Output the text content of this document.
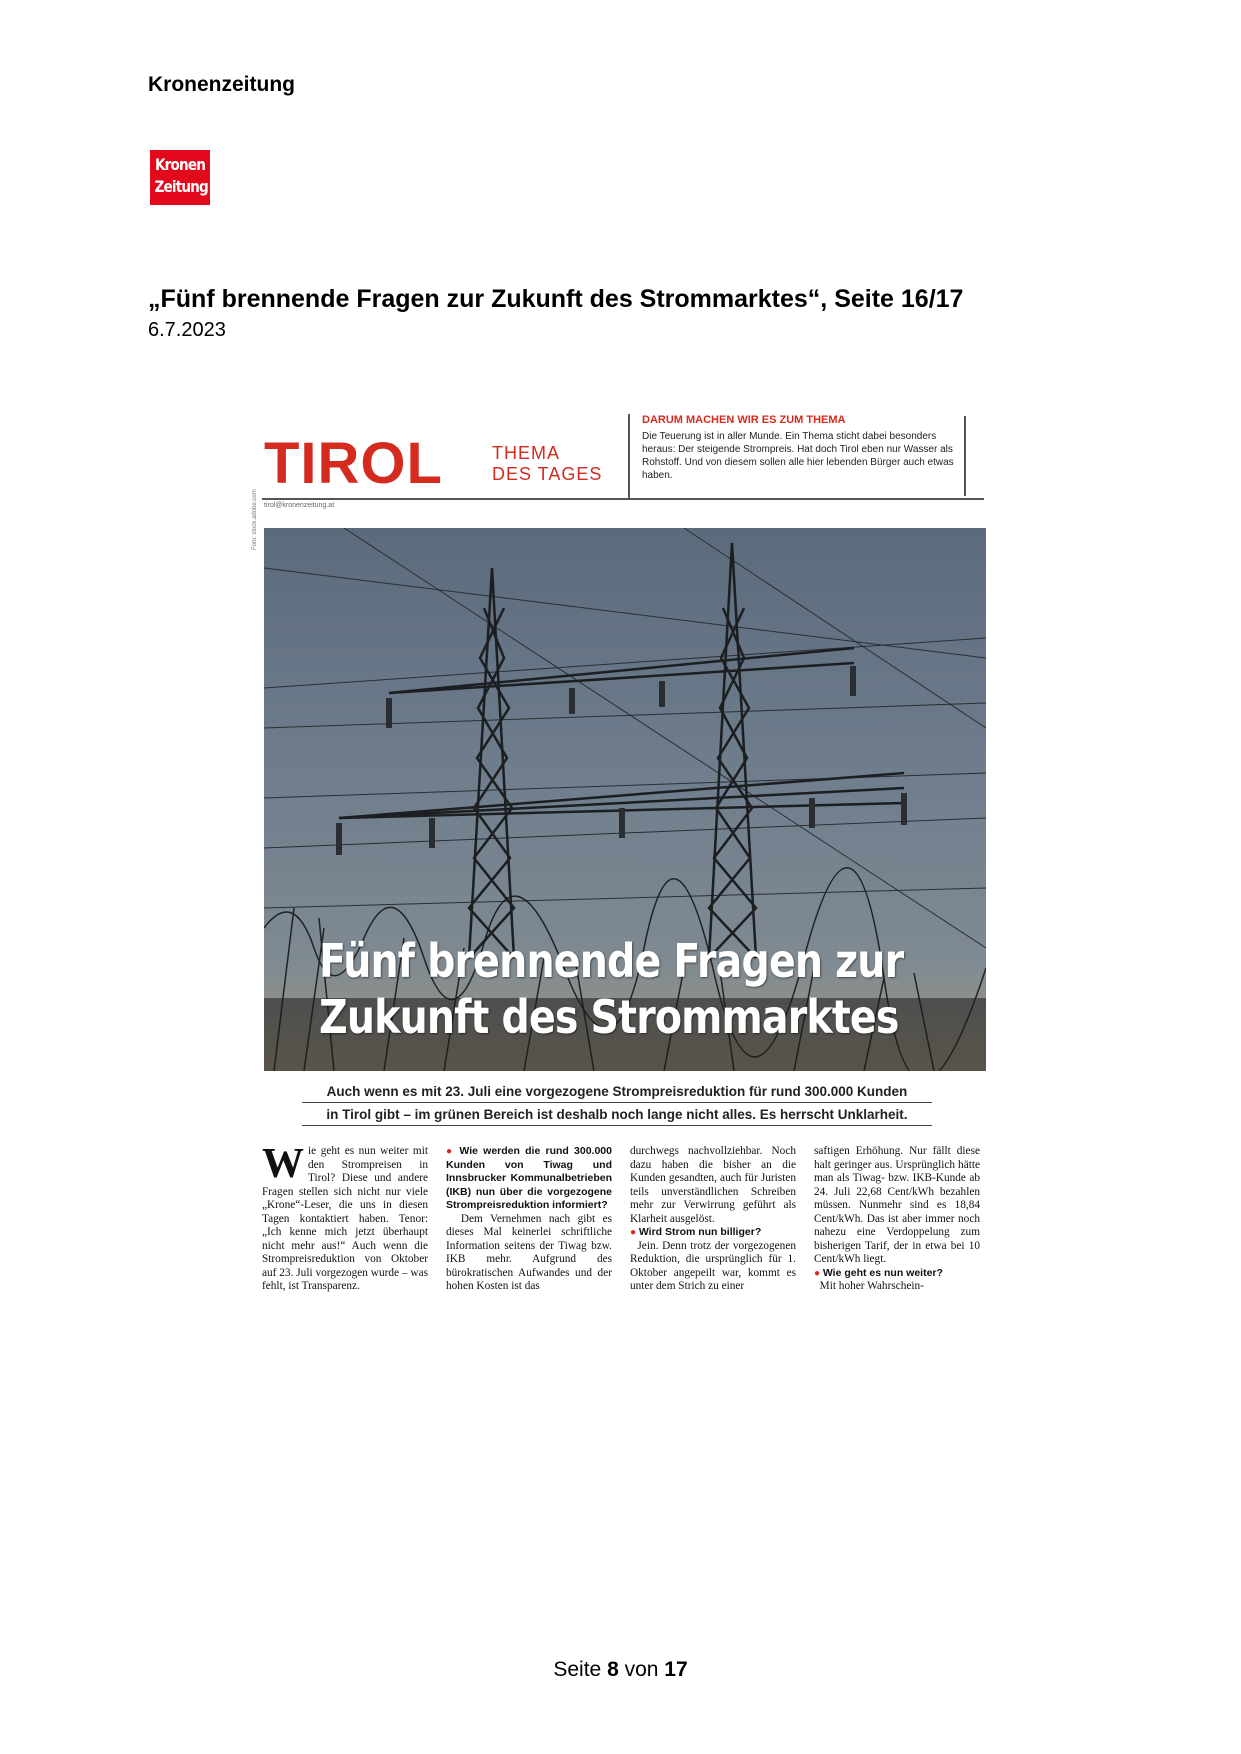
Kronenzeitung
Kronen
Zeitung
„Fünf brennende Fragen zur Zukunft des Strommarktes“, Seite 16/17
6.7.2023
TIROL	THEMA
DES TAGES
DARUM MACHEN WIR ES ZUM THEMA
Die Teuerung ist in aller Munde. Ein Thema sticht dabei besonders heraus: Der steigende Strompreis. Hat doch Tirol eben nur Wasser als Rohstoff. Und von diesem sollen alle hier lebenden Bürger auch etwas haben.
tirol@kronenzeitung.at
Fünf brennende Fragen zur
Zukunft des Strommarktes
Foto: stock.adobe.com
Auch wenn es mit 23. Juli eine vorgezogene Strompreisreduktion für rund 300.000 Kunden
in Tirol gibt – im grünen Bereich ist deshalb noch lange nicht alles. Es herrscht Unklarheit.

Wie geht es nun weiter mit den Strompreisen in Tirol? Diese und andere Fragen stellen sich nicht nur viele „Krone“-Leser, die uns in diesen Tagen kontaktiert haben. Tenor: „Ich kenne mich jetzt überhaupt nicht mehr aus!“ Auch wenn die Strompreisreduktion von Oktober auf 23. Juli vorgezogen wurde – was fehlt, ist Transparenz.

● Wie werden die rund 300.000 Kunden von Tiwag und Innsbrucker Kommunalbetrieben (IKB) nun über die vorgezogene Strompreisreduktion informiert?

Dem Vernehmen nach gibt es dieses Mal keinerlei schriftliche Information seitens der Tiwag bzw. IKB mehr. Aufgrund des bürokratischen Aufwandes und der hohen Kosten ist das

durchwegs nachvollziehbar. Noch dazu haben die bisher an die Kunden gesandten, auch für Juristen teils unverständlichen Schreiben mehr zur Verwirrung geführt als Klarheit ausgelöst.

● Wird Strom nun billiger?

Jein. Denn trotz der vorgezogenen Reduktion, die ursprünglich für 1. Oktober angepeilt war, kommt es unter dem Strich zu einer

saftigen Erhöhung. Nur fällt diese halt geringer aus. Ursprünglich hätte man als Tiwag- bzw. IKB-Kunde ab 24. Juli 22,68 Cent/kWh bezahlen müssen. Nunmehr sind es 18,84 Cent/kWh. Das ist aber immer noch nahezu eine Verdoppelung zum bisherigen Tarif, der in etwa bei 10 Cent/kWh liegt.

● Wie geht es nun weiter?

Mit hoher Wahrschein-

Seite 8 von 17
